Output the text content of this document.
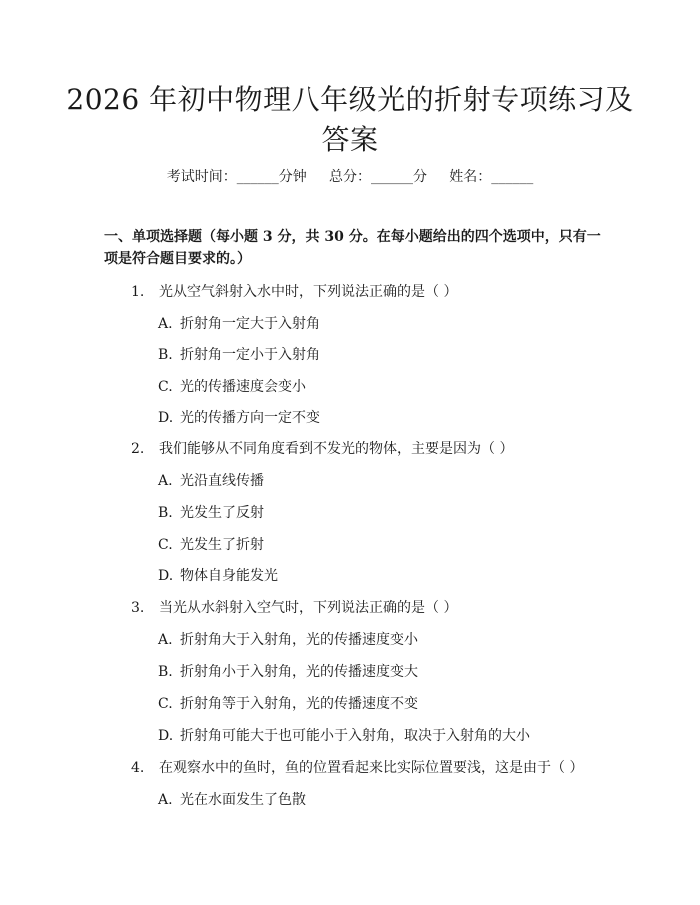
2026 年初中物理八年级光的折射专项练习及
答案
考试时间：______分钟     总分：______分     姓名：______

一、单项选择题（每小题 3 分，共 30 分。在每小题给出的四个选项中，只有一项是符合题目要求的。）

1. 光从空气斜射入水中时，下列说法正确的是（ ）
A. 折射角一定大于入射角
B. 折射角一定小于入射角
C. 光的传播速度会变小
D. 光的传播方向一定不变
2. 我们能够从不同角度看到不发光的物体，主要是因为（ ）
A. 光沿直线传播
B. 光发生了反射
C. 光发生了折射
D. 物体自身能发光
3. 当光从水斜射入空气时，下列说法正确的是（ ）
A. 折射角大于入射角，光的传播速度变小
B. 折射角小于入射角，光的传播速度变大
C. 折射角等于入射角，光的传播速度不变
D. 折射角可能大于也可能小于入射角，取决于入射角的大小
4. 在观察水中的鱼时，鱼的位置看起来比实际位置要浅，这是由于（ ）
A. 光在水面发生了色散
